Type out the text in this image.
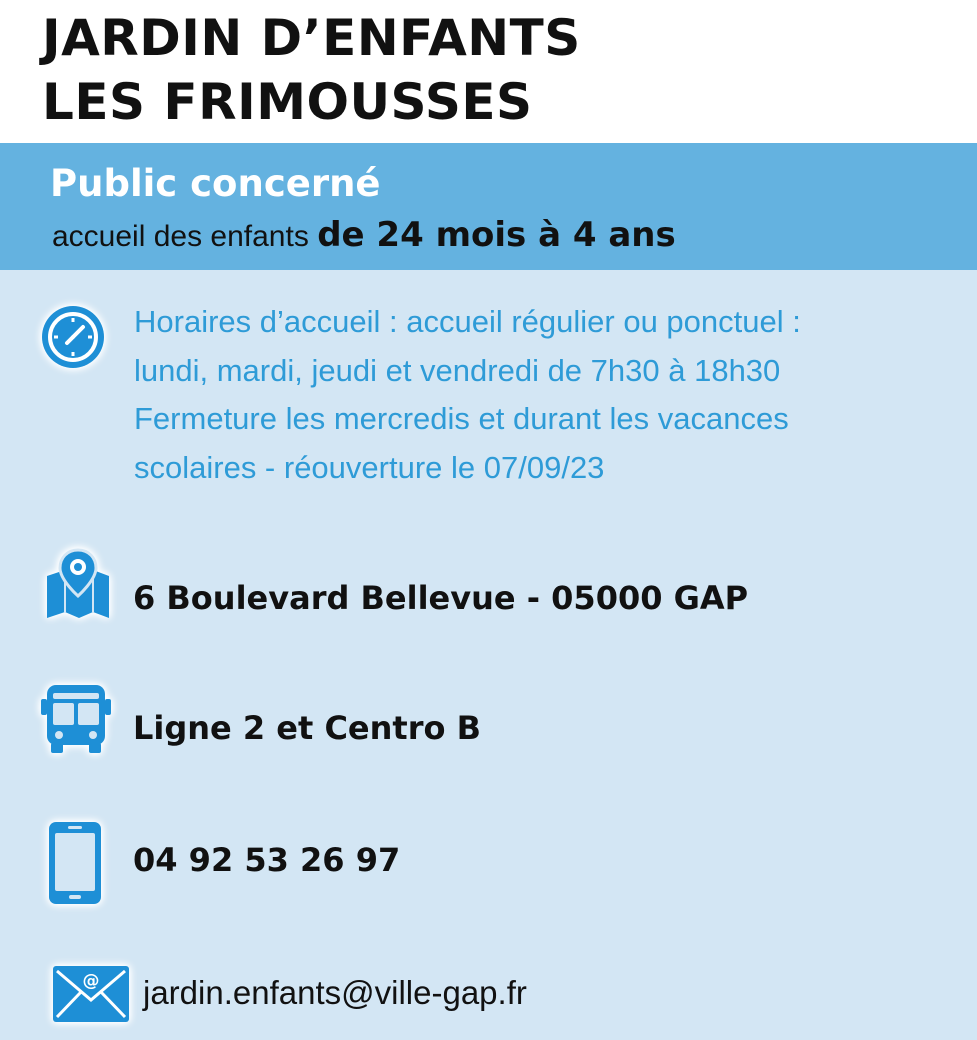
JARDIN D’ENFANTS
LES FRIMOUSSES
Public concerné
accueil des enfants de 24 mois à 4 ans
Horaires d’accueil : accueil régulier ou ponctuel :
lundi, mardi, jeudi et vendredi de 7h30 à 18h30
Fermeture les mercredis et durant les vacances
scolaires - réouverture le 07/09/23
6 Boulevard Bellevue - 05000 GAP
Ligne 2 et Centro B
04 92 53 26 97
@ jardin.enfants@ville-gap.fr
